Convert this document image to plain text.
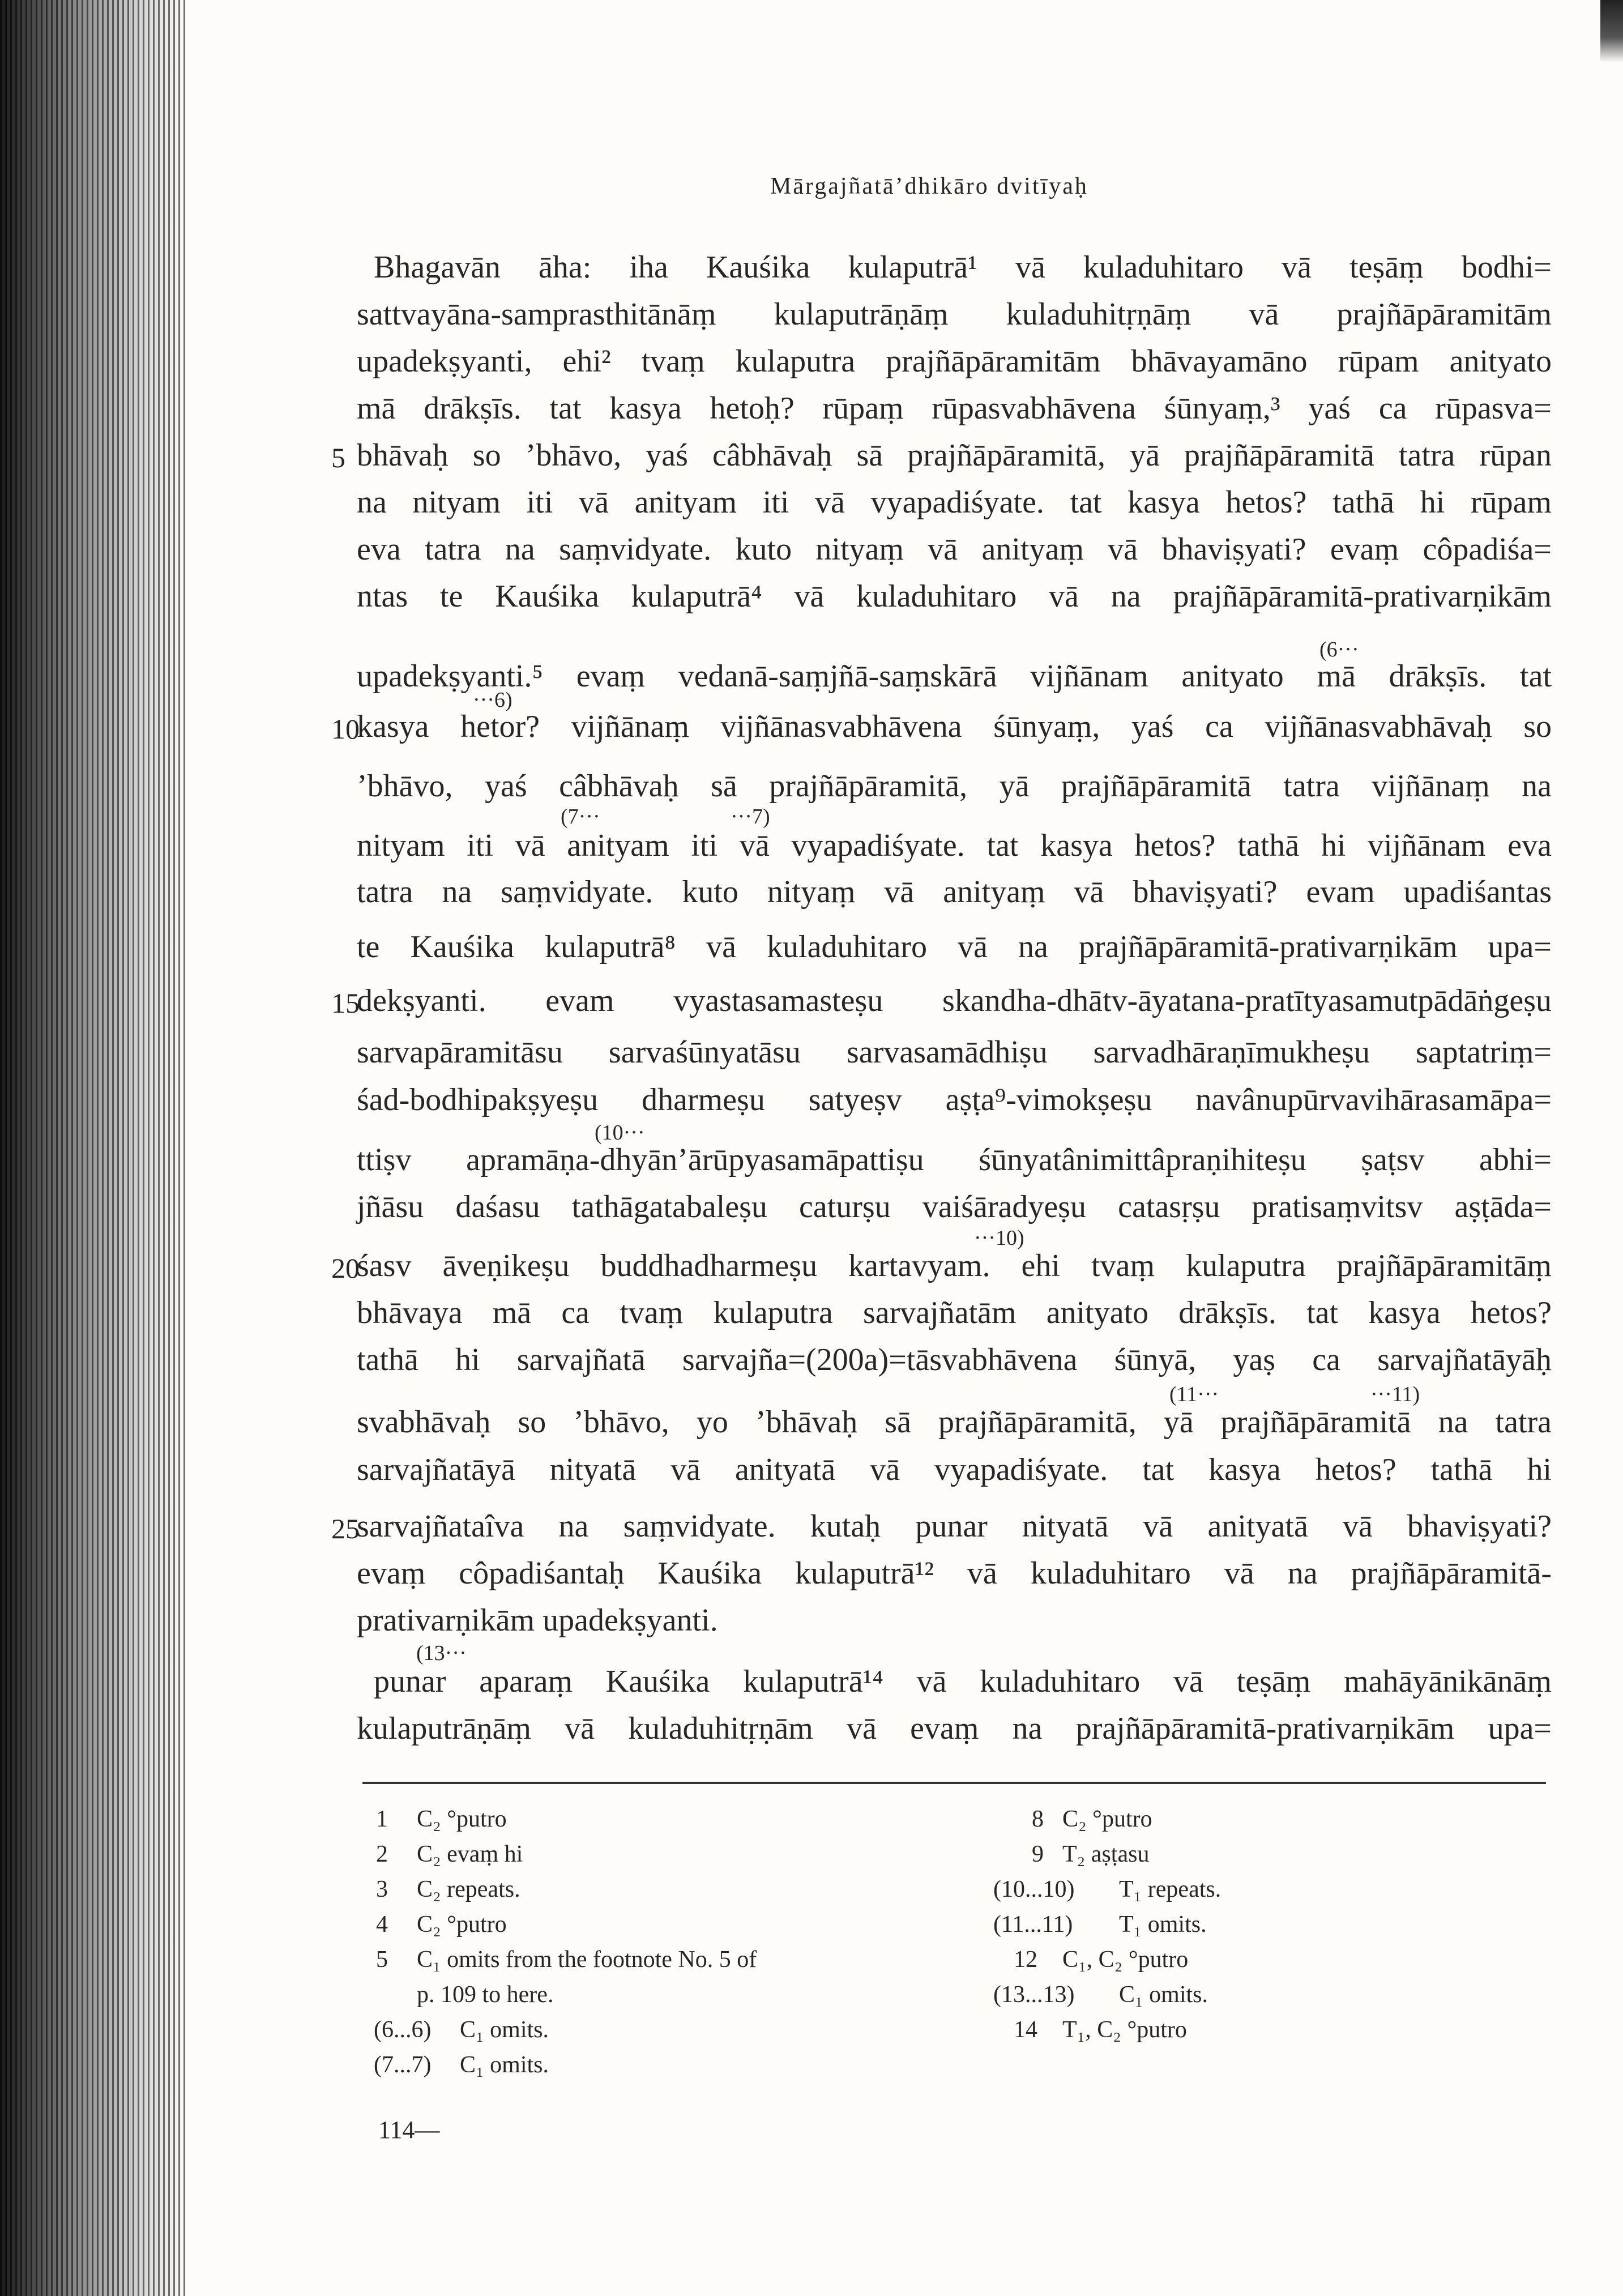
Mārgajñatā’dhikāro dvitīyaḥ
Bhagavān āha: iha Kauśika kulaputrā¹ vā kuladuhitaro vā teṣāṃ bodhi=
sattvayāna-samprasthitānāṃ kulaputrāṇāṃ kuladuhitṛṇāṃ vā prajñāpāramitām
upadekṣyanti, ehi² tvaṃ kulaputra prajñāpāramitām bhāvayamāno rūpam anityato
mā drākṣīs. tat kasya hetoḥ? rūpaṃ rūpasvabhāvena śūnyaṃ,³ yaś ca rūpasva=
bhāvaḥ so ’bhāvo, yaś câbhāvaḥ sā prajñāpāramitā, yā prajñāpāramitā tatra rūpan
na nityam iti vā anityam iti vā vyapadiśyate. tat kasya hetos? tathā hi rūpam
eva tatra na saṃvidyate. kuto nityaṃ vā anityaṃ vā bhaviṣyati? evaṃ côpadiśa=
ntas te Kauśika kulaputrā⁴ vā kuladuhitaro vā na prajñāpāramitā-prativarṇikām
upadekṣyanti.⁵ evaṃ vedanā-saṃjñā-saṃskārā vijñānam anityato mā drākṣīs. tat
kasya hetor? vijñānaṃ vijñānasvabhāvena śūnyaṃ, yaś ca vijñānasvabhāvaḥ so
’bhāvo, yaś câbhāvaḥ sā prajñāpāramitā, yā prajñāpāramitā tatra vijñānaṃ na
nityam iti vā anityam iti vā vyapadiśyate. tat kasya hetos? tathā hi vijñānam eva
tatra na saṃvidyate. kuto nityaṃ vā anityaṃ vā bhaviṣyati? evam upadiśantas
te Kauśika kulaputrā⁸ vā kuladuhitaro vā na prajñāpāramitā-prativarṇikām upa=
dekṣyanti. evam vyastasamasteṣu skandha-dhātv-āyatana-pratītyasamutpādāṅgeṣu
sarvapāramitāsu sarvaśūnyatāsu sarvasamādhiṣu sarvadhāraṇīmukheṣu saptatriṃ=
śad-bodhipakṣyeṣu dharmeṣu satyeṣv aṣṭa⁹-vimokṣeṣu navânupūrvavihārasamāpa=
ttiṣv apramāṇa-dhyān’ārūpyasamāpattiṣu śūnyatânimittâpraṇihiteṣu ṣaṭsv abhi=
jñāsu daśasu tathāgatabaleṣu caturṣu vaiśāradyeṣu catasṛṣu pratisaṃvitsv aṣṭāda=
śasv āveṇikeṣu buddhadharmeṣu kartavyam. ehi tvaṃ kulaputra prajñāpāramitāṃ
bhāvaya mā ca tvaṃ kulaputra sarvajñatām anityato drākṣīs. tat kasya hetos?
tathā hi sarvajñatā sarvajña=(200a)=tāsvabhāvena śūnyā, yaṣ ca sarvajñatāyāḥ
svabhāvaḥ so ’bhāvo, yo ’bhāvaḥ sā prajñāpāramitā, yā prajñāpāramitā na tatra
sarvajñatāyā nityatā vā anityatā vā vyapadiśyate. tat kasya hetos? tathā hi
sarvajñataîva na saṃvidyate. kutaḥ punar nityatā vā anityatā vā bhaviṣyati?
evaṃ côpadiśantaḥ Kauśika kulaputrā¹² vā kuladuhitaro vā na prajñāpāramitā-
prativarṇikām upadekṣyanti.
punar aparaṃ Kauśika kulaputrā¹⁴ vā kuladuhitaro vā teṣāṃ mahāyānikānāṃ
kulaputrāṇāṃ vā kuladuhitṛṇām vā evaṃ na prajñāpāramitā-prativarṇikām upa=
5
10
15
20
25
(6···
···6)
(7···	···7)
(10···
···10)
(11···	···11)
(13···
1 C₂ °putro
2 C₂ evaṃ hi
3 C₂ repeats.
4 C₂ °putro
5 C₁ omits from the footnote No. 5 of
p. 109 to here.
(6...6) C₁ omits.
(7...7) C₁ omits.
8 C₂ °putro
9 T₂ aṣṭasu
(10...10) T₁ repeats.
(11...11) T₁ omits.
12 C₁, C₂ °putro
(13...13) C₁ omits.
14 T₁, C₂ °putro
114—
